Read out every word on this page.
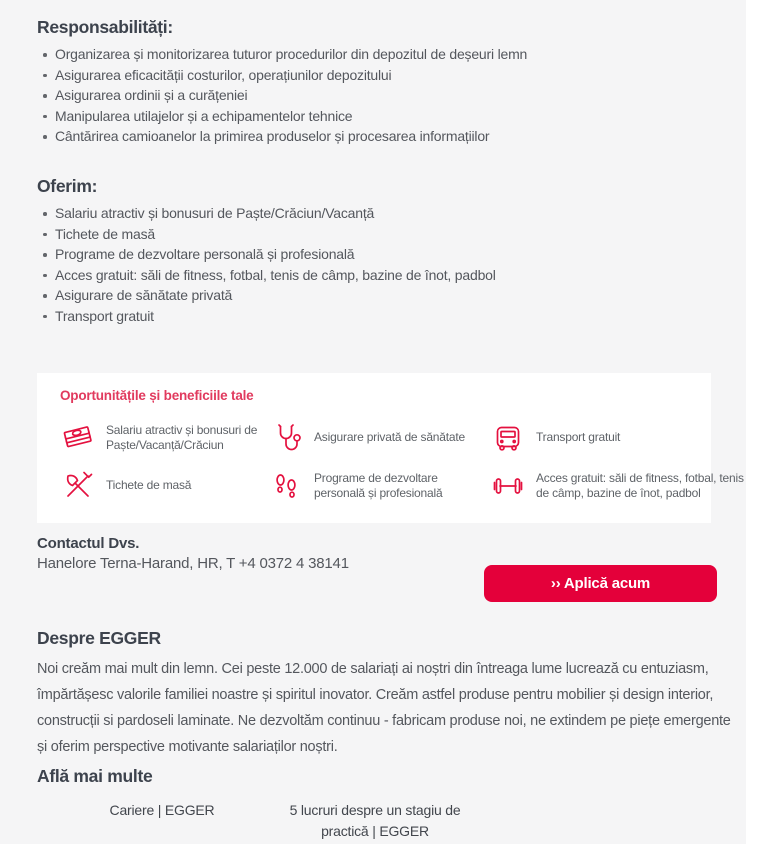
Responsabilități:
Organizarea și monitorizarea tuturor procedurilor din depozitul de deșeuri lemn
Asigurarea eficacității costurilor, operațiunilor depozitului
Asigurarea ordinii și a curățeniei
Manipularea utilajelor și a echipamentelor tehnice
Cântărirea camioanelor la primirea produselor și procesarea informațiilor
Oferim:
Salariu atractiv și bonusuri de Paște/Crăciun/Vacanță
Tichete de masă
Programe de dezvoltare personală și profesională
Acces gratuit: săli de fitness, fotbal, tenis de câmp, bazine de înot, padbol
Asigurare de sănătate privată
Transport gratuit
Oportunitățile și beneficiile tale
Salariu atractiv și bonusuri de Paște/Vacanță/Crăciun
Asigurare privată de sănătate	Transport gratuit
Tichete de masă
Programe de dezvoltare personală și profesională
Acces gratuit: săli de fitness, fotbal, tenis de câmp, bazine de înot, padbol
Contactul Dvs.
Hanelore Terna-Harand, HR, T +4 0372 4 38141
›› Aplică acum
Despre EGGER
Noi creăm mai mult din lemn. Cei peste 12.000 de salariați ai noștri din întreaga lume lucrează cu entuziasm, împărtășesc valorile familiei noastre și spiritul inovator. Creăm astfel produse pentru mobilier și design interior, construcții si pardoseli laminate. Ne dezvoltăm continuu - fabricam produse noi, ne extindem pe piețe emergente și oferim perspective motivante salariaților noștri.
Află mai multe
Cariere | EGGER	5 lucruri despre un stagiu de practică | EGGER
